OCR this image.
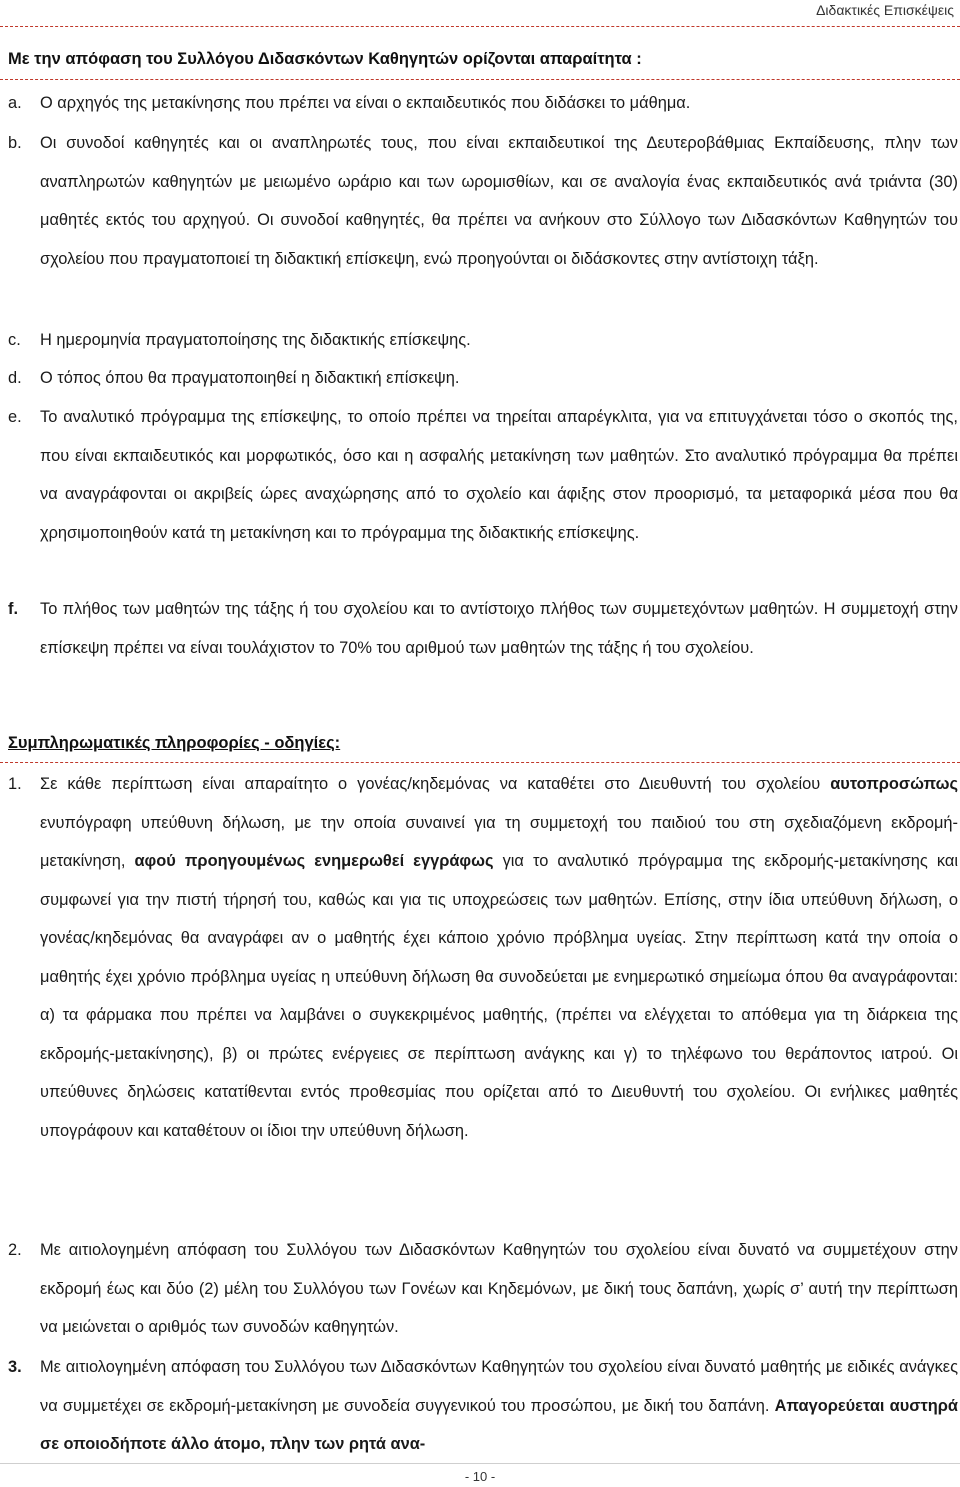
Διδακτικές Επισκέψεις
Με την απόφαση του Συλλόγου Διδασκόντων Καθηγητών ορίζονται απαραίτητα :
a. Ο αρχηγός της μετακίνησης που πρέπει να είναι ο εκπαιδευτικός που διδάσκει το μάθημα.
b. Οι συνοδοί καθηγητές και οι αναπληρωτές τους, που είναι εκπαιδευτικοί της Δευτεροβάθμιας Εκπαίδευσης, πλην των αναπληρωτών καθηγητών με μειωμένο ωράριο και των ωρομισθίων, και σε αναλογία ένας εκπαιδευτικός ανά τριάντα (30) μαθητές εκτός του αρχηγού. Οι συνοδοί καθηγητές, θα πρέπει να ανήκουν στο Σύλλογο των Διδασκόντων Καθηγητών του σχολείου που πραγματοποιεί τη διδακτική επίσκεψη, ενώ προηγούνται οι διδάσκοντες στην αντίστοιχη τάξη.
c. Η ημερομηνία πραγματοποίησης της διδακτικής επίσκεψης.
d. Ο τόπος όπου θα πραγματοποιηθεί η διδακτική επίσκεψη.
e. Το αναλυτικό πρόγραμμα της επίσκεψης, το οποίο πρέπει να τηρείται απαρέγκλιτα, για να επιτυγχάνεται τόσο ο σκοπός της, που είναι εκπαιδευτικός και μορφωτικός, όσο και η ασφαλής μετακίνηση των μαθητών. Στο αναλυτικό πρόγραμμα θα πρέπει να αναγράφονται οι ακριβείς ώρες αναχώρησης από το σχολείο και άφιξης στον προορισμό, τα μεταφορικά μέσα που θα χρησιμοποιηθούν κατά τη μετακίνηση και το πρόγραμμα της διδακτικής επίσκεψης.
f. Το πλήθος των μαθητών της τάξης ή του σχολείου και το αντίστοιχο πλήθος των συμμετεχόντων μαθητών. Η συμμετοχή στην επίσκεψη πρέπει να είναι τουλάχιστον το 70% του αριθμού των μαθητών της τάξης ή του σχολείου.
Συμπληρωματικές πληροφορίες - οδηγίες:
1. Σε κάθε περίπτωση είναι απαραίτητο ο γονέας/κηδεμόνας να καταθέτει στο Διευθυντή του σχολείου αυτοπροσώπως ενυπόγραφη υπεύθυνη δήλωση, με την οποία συναινεί για τη συμμετοχή του παιδιού του στη σχεδιαζόμενη εκδρομή-μετακίνηση, αφού προηγουμένως ενημερωθεί εγγράφως για το αναλυτικό πρόγραμμα της εκδρομής-μετακίνησης και συμφωνεί για την πιστή τήρησή του, καθώς και για τις υποχρεώσεις των μαθητών. Επίσης, στην ίδια υπεύθυνη δήλωση, ο γονέας/κηδεμόνας θα αναγράφει αν ο μαθητής έχει κάποιο χρόνιο πρόβλημα υγείας. Στην περίπτωση κατά την οποία ο μαθητής έχει χρόνιο πρόβλημα υγείας η υπεύθυνη δήλωση θα συνοδεύεται με ενημερωτικό σημείωμα όπου θα αναγράφονται: α) τα φάρμακα που πρέπει να λαμβάνει ο συγκεκριμένος μαθητής, (πρέπει να ελέγχεται το απόθεμα για τη διάρκεια της εκδρομής-μετακίνησης), β) οι πρώτες ενέργειες σε περίπτωση ανάγκης και γ) το τηλέφωνο του θεράποντος ιατρού. Οι υπεύθυνες δηλώσεις κατατίθενται εντός προθεσμίας που ορίζεται από το Διευθυντή του σχολείου. Οι ενήλικες μαθητές υπογράφουν και καταθέτουν οι ίδιοι την υπεύθυνη δήλωση.
2. Με αιτιολογημένη απόφαση του Συλλόγου των Διδασκόντων Καθηγητών του σχολείου είναι δυνατό να συμμετέχουν στην εκδρομή έως και δύο (2) μέλη του Συλλόγου των Γονέων και Κηδεμόνων, με δική τους δαπάνη, χωρίς σ’ αυτή την περίπτωση να μειώνεται ο αριθμός των συνοδών καθηγητών.
3. Με αιτιολογημένη απόφαση του Συλλόγου των Διδασκόντων Καθηγητών του σχολείου είναι δυνατό μαθητής με ειδικές ανάγκες να συμμετέχει σε εκδρομή-μετακίνηση με συνοδεία συγγενικού του προσώπου, με δική του δαπάνη. Απαγορεύεται αυστηρά σε οποιοδήποτε άλλο άτομο, πλην των ρητά ανα-
- 10 -
